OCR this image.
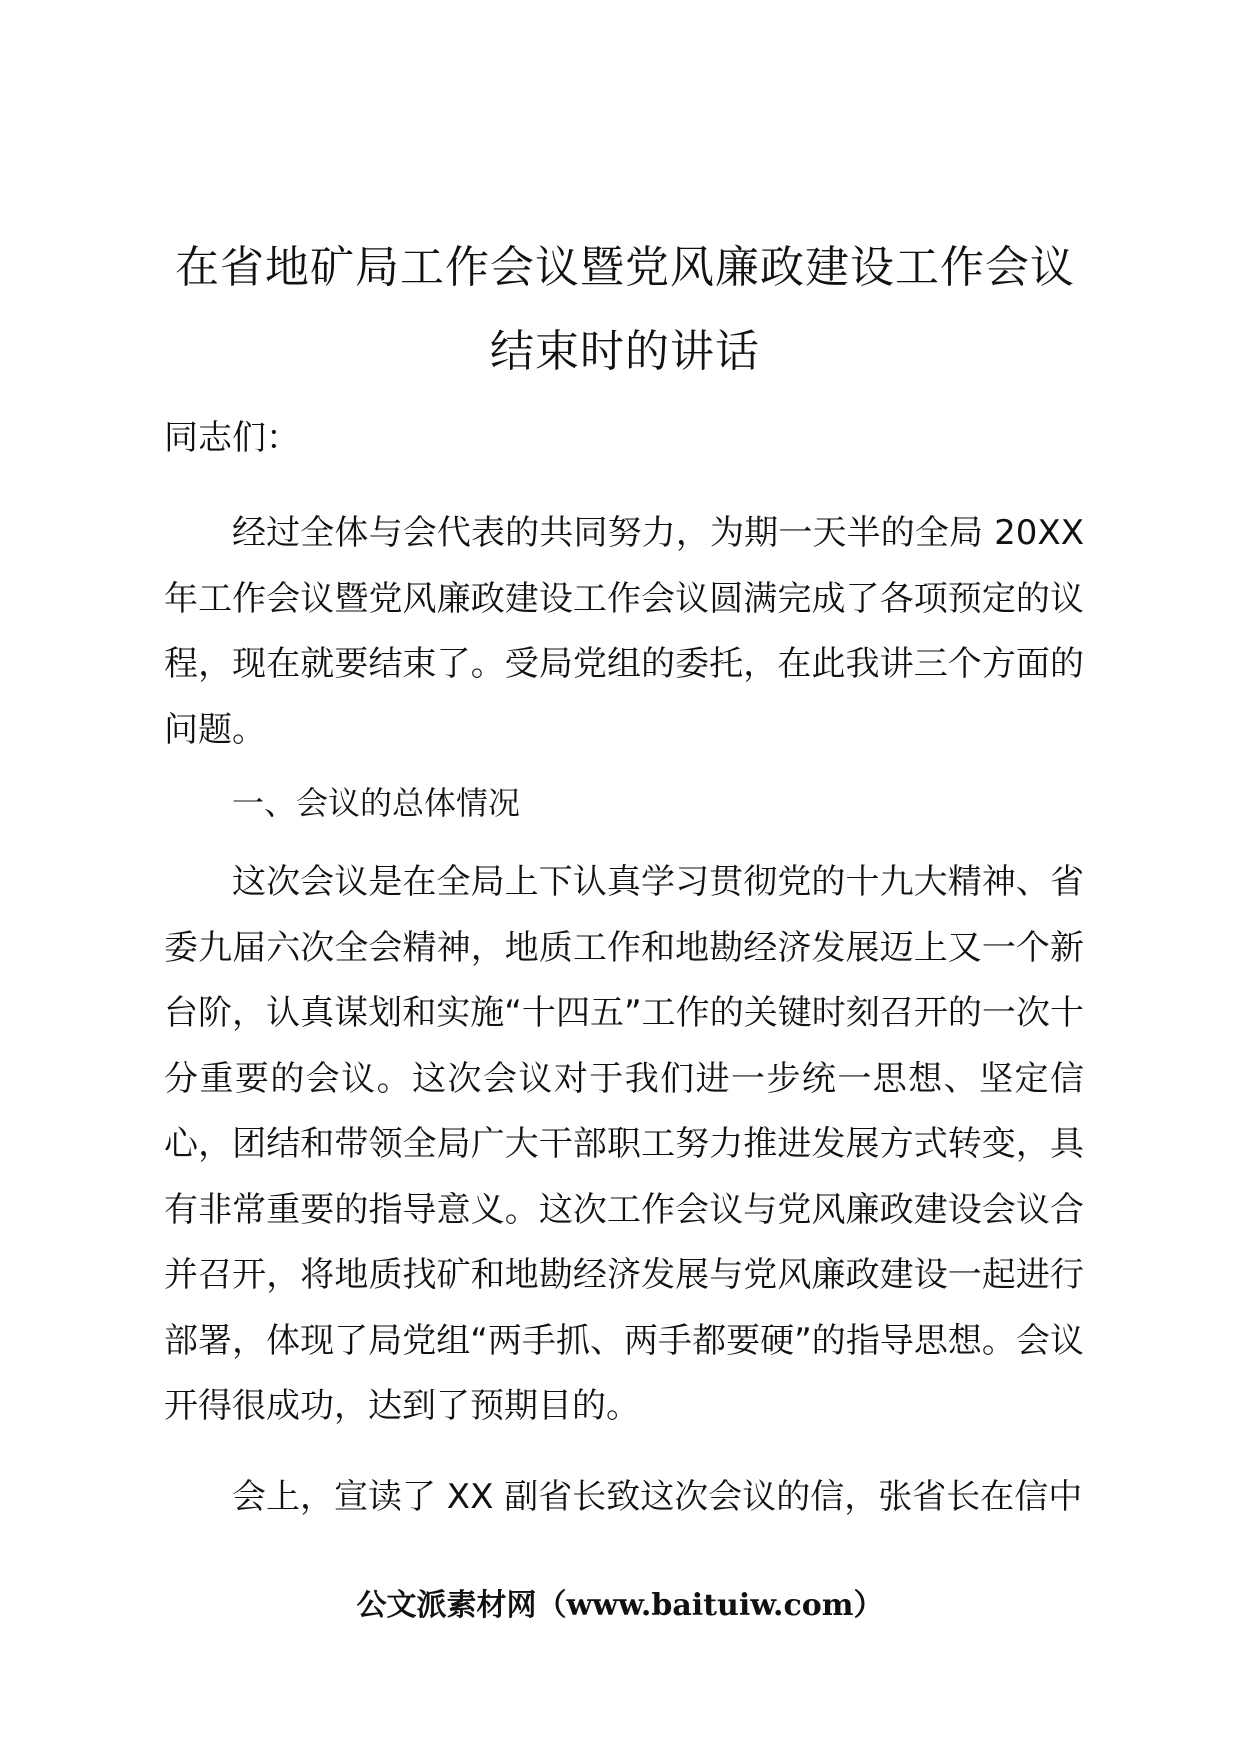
在省地矿局工作会议暨党风廉政建设工作会议
结束时的讲话
同志们：
经过全体与会代表的共同努力，为期一天半的全局 20XX 年工作会议暨党风廉政建设工作会议圆满完成了各项预定的议程，现在就要结束了。受局党组的委托，在此我讲三个方面的问题。
一、会议的总体情况
这次会议是在全局上下认真学习贯彻党的十九大精神、省委九届六次全会精神，地质工作和地勘经济发展迈上又一个新台阶，认真谋划和实施“十四五”工作的关键时刻召开的一次十分重要的会议。这次会议对于我们进一步统一思想、坚定信心，团结和带领全局广大干部职工努力推进发展方式转变，具有非常重要的指导意义。这次工作会议与党风廉政建设会议合并召开，将地质找矿和地勘经济发展与党风廉政建设一起进行部署，体现了局党组“两手抓、两手都要硬”的指导思想。会议开得很成功，达到了预期目的。
会上，宣读了 XX 副省长致这次会议的信，张省长在信中
公文派素材网（www.baituiw.com）
